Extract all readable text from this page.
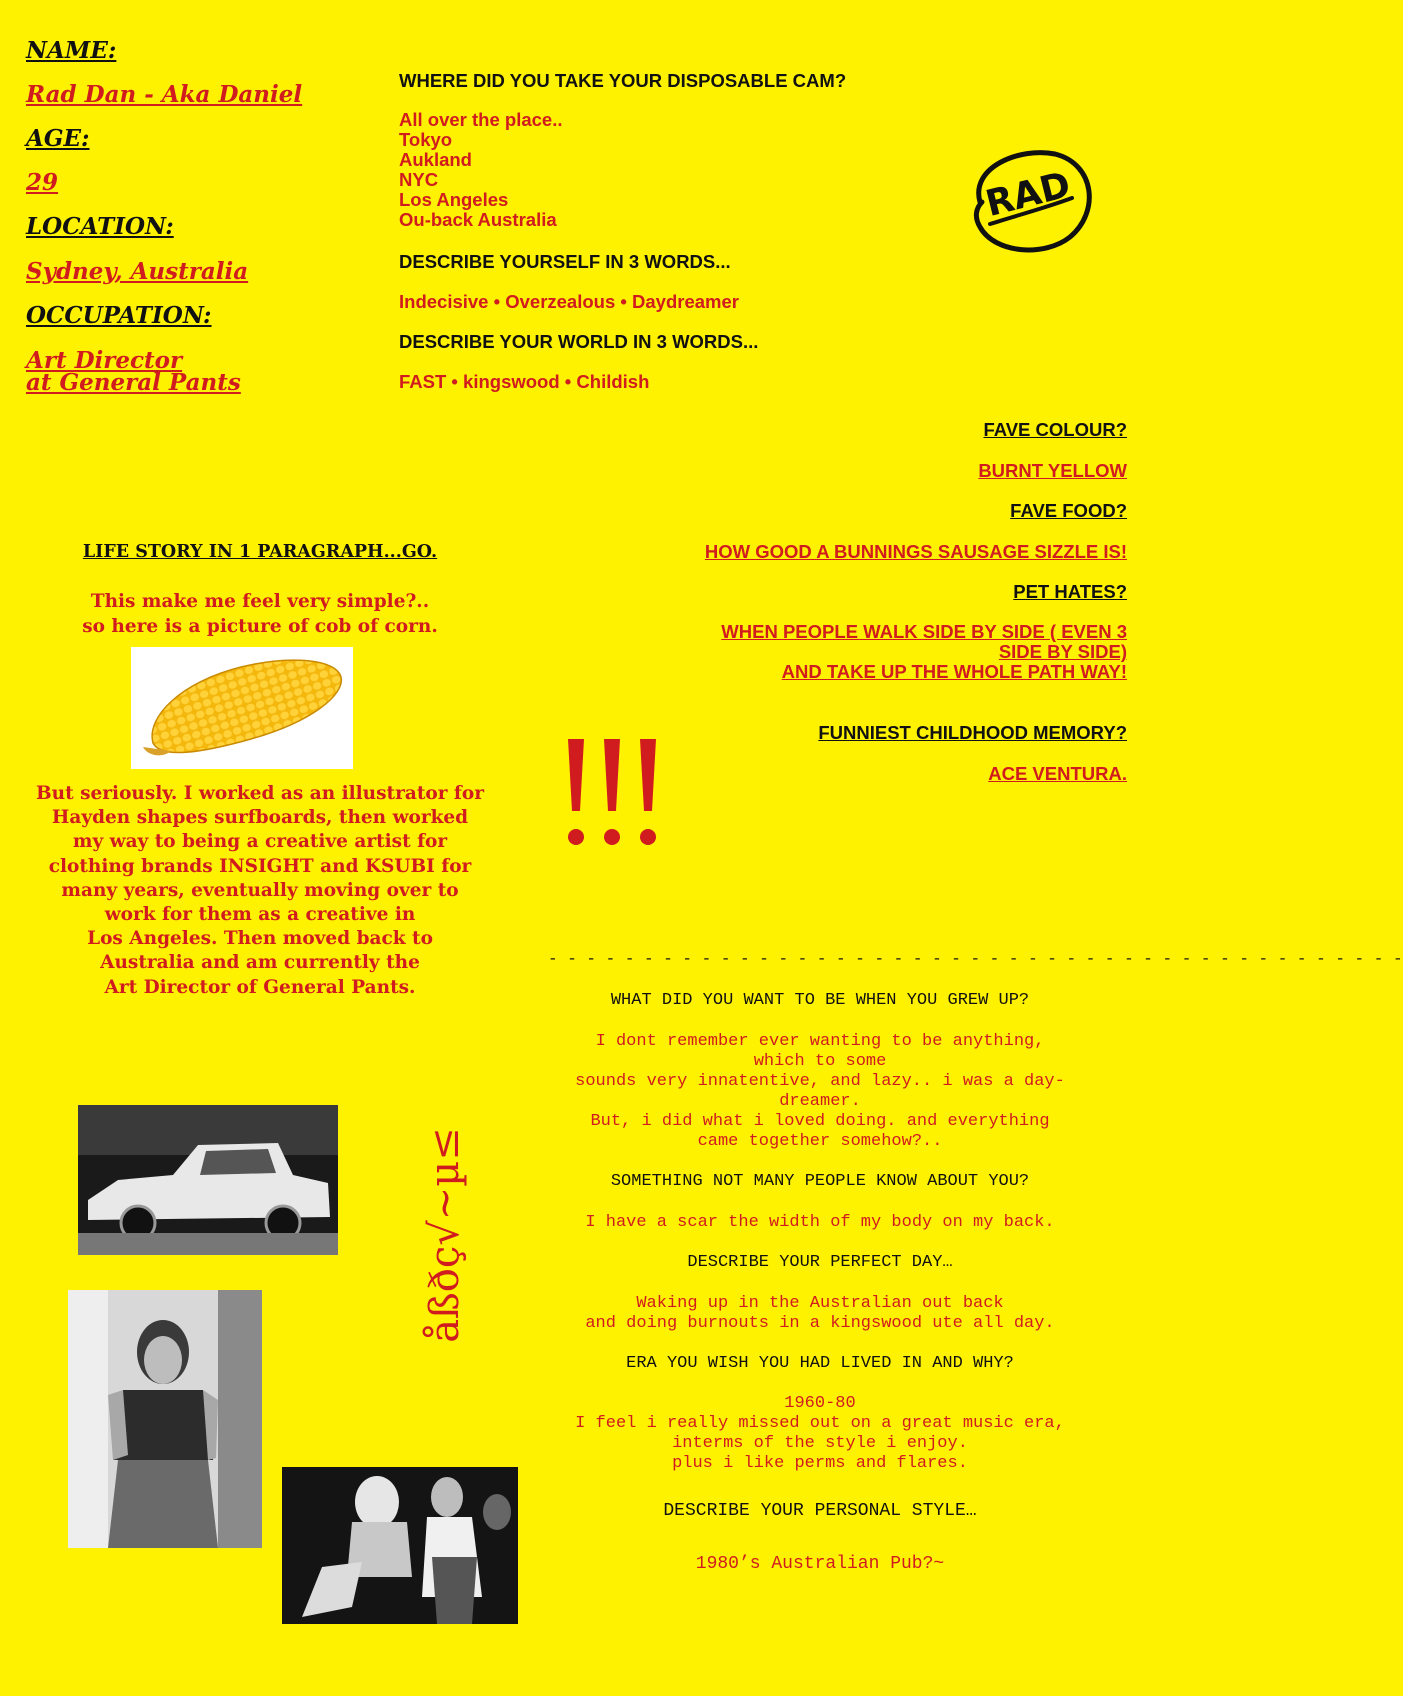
NAME:
Rad Dan - Aka Daniel
AGE:
29
LOCATION:
Sydney, Australia
OCCUPATION:
Art Director
at General Pants
WHERE DID YOU TAKE YOUR DISPOSABLE CAM?
All over the place..
Tokyo
Aukland
NYC
Los Angeles
Ou-back Australia
DESCRIBE YOURSELF IN 3 WORDS...
Indecisive • Overzealous • Daydreamer
DESCRIBE YOUR WORLD IN 3 WORDS...
FAST • kingswood • Childish
RAD
FAVE COLOUR?
BURNT YELLOW
FAVE FOOD?
HOW GOOD A BUNNINGS SAUSAGE SIZZLE IS!
PET HATES?
WHEN PEOPLE WALK SIDE BY SIDE ( EVEN 3
SIDE BY SIDE)
AND TAKE UP THE WHOLE PATH WAY!
FUNNIEST CHILDHOOD MEMORY?
ACE VENTURA.
LIFE STORY IN 1 PARAGRAPH...GO.
This make me feel very simple?..
so here is a picture of cob of corn.
But seriously. I worked as an illustrator for
Hayden shapes surfboards, then worked
my way to being a creative artist for
clothing brands INSIGHT and KSUBI for
many years, eventually moving over to
work for them as a creative in
Los Angeles. Then moved back to
Australia and am currently the
Art Director of General Pants.
åßðç√~µ≤
- - - - - - - - - - - - - - - - - - - - - - - - - - - - - - - - - - - - - - - - - - - - -
WHAT DID YOU WANT TO BE WHEN YOU GREW UP?
I dont remember ever wanting to be anything,
which to some
sounds very innatentive, and lazy.. i was a day-
dreamer.
But, i did what i loved doing. and everything
came together somehow?..
SOMETHING NOT MANY PEOPLE KNOW ABOUT YOU?
I have a scar the width of my body on my back.
DESCRIBE YOUR PERFECT DAY…
Waking up in the Australian out back
and doing burnouts in a kingswood ute all day.
ERA YOU WISH YOU HAD LIVED IN AND WHY?
1960-80
I feel i really missed out on a great music era,
interms of the style i enjoy.
plus i like perms and flares.
DESCRIBE YOUR PERSONAL STYLE…
1980’s Australian Pub?~
